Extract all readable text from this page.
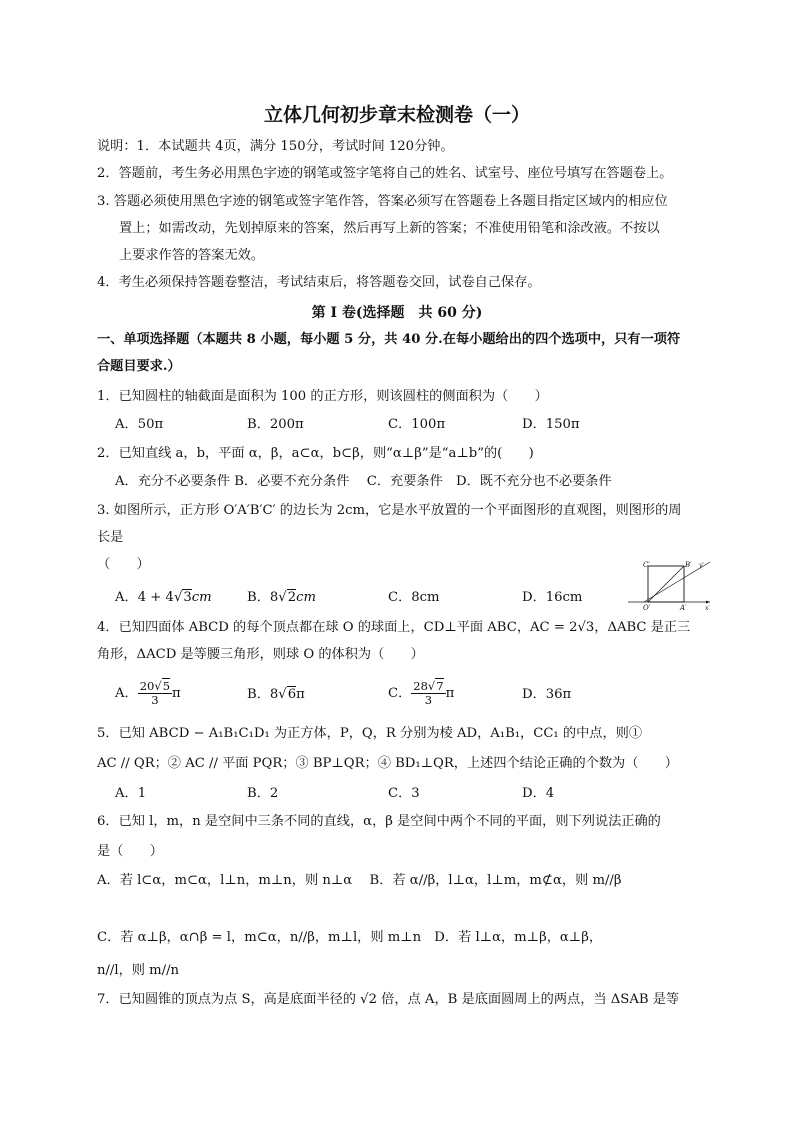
立体几何初步章末检测卷（一）
说明：1．本试题共 4页，满分 150分，考试时间 120分钟。
2．答题前，考生务必用黑色字迹的钢笔或签字笔将自己的姓名、试室号、座位号填写在答题卷上。
3. 答题必须使用黑色字迹的钢笔或签字笔作答，答案必须写在答题卷上各题目指定区域内的相应位
置上；如需改动，先划掉原来的答案，然后再写上新的答案；不准使用铅笔和涂改液。不按以
上要求作答的答案无效。
4．考生必须保持答题卷整洁，考试结束后，将答题卷交回，试卷自己保存。
第 I 卷(选择题　共 60 分)
一、单项选择题（本题共 8 小题，每小题 5 分，共 40 分.在每小题给出的四个选项中，只有一项符
合题目要求.）
1．已知圆柱的轴截面是面积为 100 的正方形，则该圆柱的侧面积为（　　）
A．50π	B．200π	C．100π	D．150π
2．已知直线 a，b，平面 α，β，a⊂α，b⊂β，则“α⊥β”是“a⊥b”的(　　)
A．充分不必要条件 B．必要不充分条件　 C．充要条件　D．既不充分也不必要条件
3. 如图所示，正方形 O′A′B′C′ 的边长为 2cm，它是水平放置的一个平面图形的直观图，则图形的周
长是
（　　）
A．4 + 4√3cm	B．8√2cm	C．8cm	D．16cm
C′	B′ y′
O′	A′	x′
4．已知四面体 ABCD 的每个顶点都在球 O 的球面上，CD⊥平面 ABC，AC = 2√3，ΔABC 是正三
角形，ΔACD 是等腰三角形，则球 O 的体积为（　　）
A． $\frac{20√5}{3}$ π	B．8√6π	C． $\frac{28√7}{3}$ π	D．36π
5．已知 ABCD − A₁B₁C₁D₁ 为正方体，P，Q，R 分别为棱 AD，A₁B₁，CC₁ 的中点，则①
AC // QR；② AC // 平面 PQR；③ BP⊥QR；④ BD₁⊥QR，上述四个结论正确的个数为（　　）
A．1	B．2	C．3	D．4
6．已知 l，m，n 是空间中三条不同的直线，α，β 是空间中两个不同的平面，则下列说法正确的
是（　　）
A．若 l⊂α，m⊂α，l⊥n，m⊥n，则 n⊥α　 B．若 α//β，l⊥α，l⊥m，m⊄α，则 m//β
C．若 α⊥β，α∩β = l，m⊂α，n//β，m⊥l，则 m⊥n　D．若 l⊥α，m⊥β，α⊥β，
n//l，则 m//n
7．已知圆锥的顶点为点 S，高是底面半径的 √2 倍，点 A，B 是底面圆周上的两点，当 ΔSAB 是等
